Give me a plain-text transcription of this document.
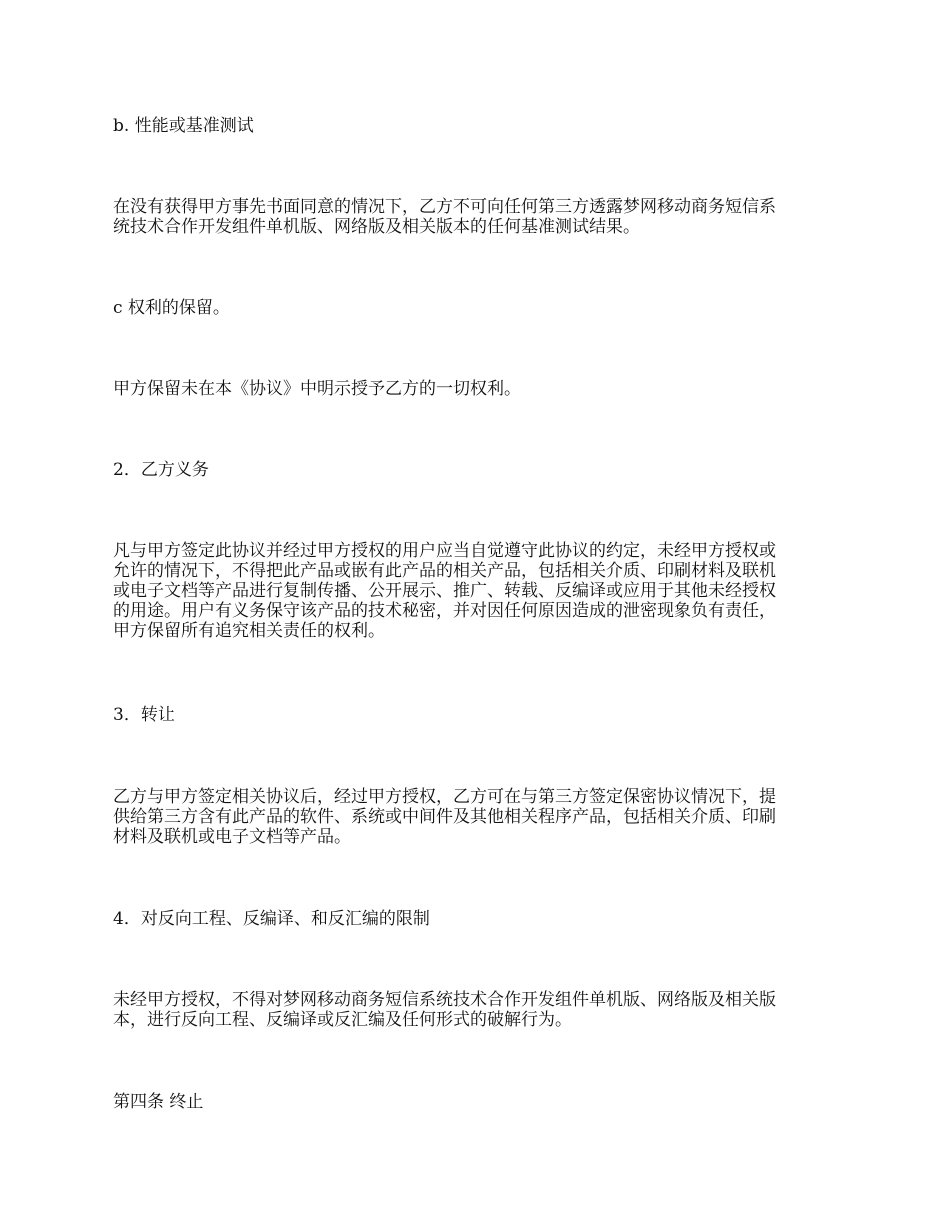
b. 性能或基准测试

在没有获得甲方事先书面同意的情况下，乙方不可向任何第三方透露梦网移动商务短信系
统技术合作开发组件单机版、网络版及相关版本的任何基准测试结果。

c 权利的保留。

甲方保留未在本《协议》中明示授予乙方的一切权利。

2．乙方义务

凡与甲方签定此协议并经过甲方授权的用户应当自觉遵守此协议的约定，未经甲方授权或
允许的情况下，不得把此产品或嵌有此产品的相关产品，包括相关介质、印刷材料及联机
或电子文档等产品进行复制传播、公开展示、推广、转载、反编译或应用于其他未经授权
的用途。用户有义务保守该产品的技术秘密，并对因任何原因造成的泄密现象负有责任，
甲方保留所有追究相关责任的权利。

3．转让

乙方与甲方签定相关协议后，经过甲方授权，乙方可在与第三方签定保密协议情况下，提
供给第三方含有此产品的软件、系统或中间件及其他相关程序产品，包括相关介质、印刷
材料及联机或电子文档等产品。

4．对反向工程、反编译、和反汇编的限制

未经甲方授权，不得对梦网移动商务短信系统技术合作开发组件单机版、网络版及相关版
本，进行反向工程、反编译或反汇编及任何形式的破解行为。

第四条 终止
